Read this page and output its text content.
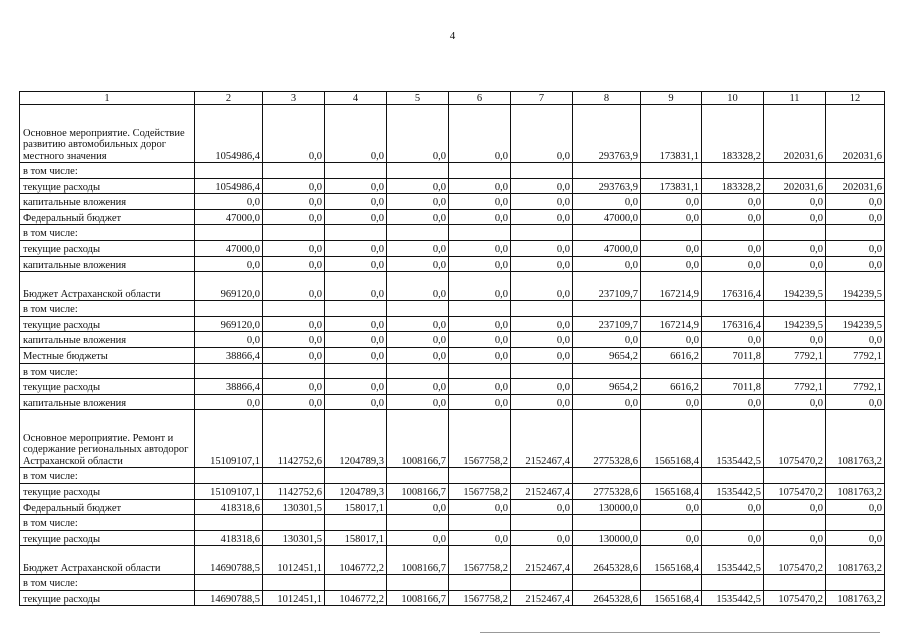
4
1	2	3	4	5	6	7	8	9	10	11	12
Основное мероприятие. Содействие развитию автомобильных дорог местного значения	1054986,4	0,0	0,0	0,0	0,0	0,0	293763,9	173831,1	183328,2	202031,6	202031,6
в том числе:											
текущие расходы	1054986,4	0,0	0,0	0,0	0,0	0,0	293763,9	173831,1	183328,2	202031,6	202031,6
капитальные вложения	0,0	0,0	0,0	0,0	0,0	0,0	0,0	0,0	0,0	0,0	0,0
Федеральный бюджет	47000,0	0,0	0,0	0,0	0,0	0,0	47000,0	0,0	0,0	0,0	0,0
в том числе:											
текущие расходы	47000,0	0,0	0,0	0,0	0,0	0,0	47000,0	0,0	0,0	0,0	0,0
капитальные вложения	0,0	0,0	0,0	0,0	0,0	0,0	0,0	0,0	0,0	0,0	0,0
Бюджет Астраханской области	969120,0	0,0	0,0	0,0	0,0	0,0	237109,7	167214,9	176316,4	194239,5	194239,5
в том числе:											
текущие расходы	969120,0	0,0	0,0	0,0	0,0	0,0	237109,7	167214,9	176316,4	194239,5	194239,5
капитальные вложения	0,0	0,0	0,0	0,0	0,0	0,0	0,0	0,0	0,0	0,0	0,0
Местные бюджеты	38866,4	0,0	0,0	0,0	0,0	0,0	9654,2	6616,2	7011,8	7792,1	7792,1
в том числе:											
текущие расходы	38866,4	0,0	0,0	0,0	0,0	0,0	9654,2	6616,2	7011,8	7792,1	7792,1
капитальные вложения	0,0	0,0	0,0	0,0	0,0	0,0	0,0	0,0	0,0	0,0	0,0
Основное мероприятие. Ремонт и содержание региональных автодорог Астраханской области	15109107,1	1142752,6	1204789,3	1008166,7	1567758,2	2152467,4	2775328,6	1565168,4	1535442,5	1075470,2	1081763,2
в том числе:											
текущие расходы	15109107,1	1142752,6	1204789,3	1008166,7	1567758,2	2152467,4	2775328,6	1565168,4	1535442,5	1075470,2	1081763,2
Федеральный бюджет	418318,6	130301,5	158017,1	0,0	0,0	0,0	130000,0	0,0	0,0	0,0	0,0
в том числе:											
текущие расходы	418318,6	130301,5	158017,1	0,0	0,0	0,0	130000,0	0,0	0,0	0,0	0,0
Бюджет Астраханской области	14690788,5	1012451,1	1046772,2	1008166,7	1567758,2	2152467,4	2645328,6	1565168,4	1535442,5	1075470,2	1081763,2
в том числе:											
текущие расходы	14690788,5	1012451,1	1046772,2	1008166,7	1567758,2	2152467,4	2645328,6	1565168,4	1535442,5	1075470,2	1081763,2
